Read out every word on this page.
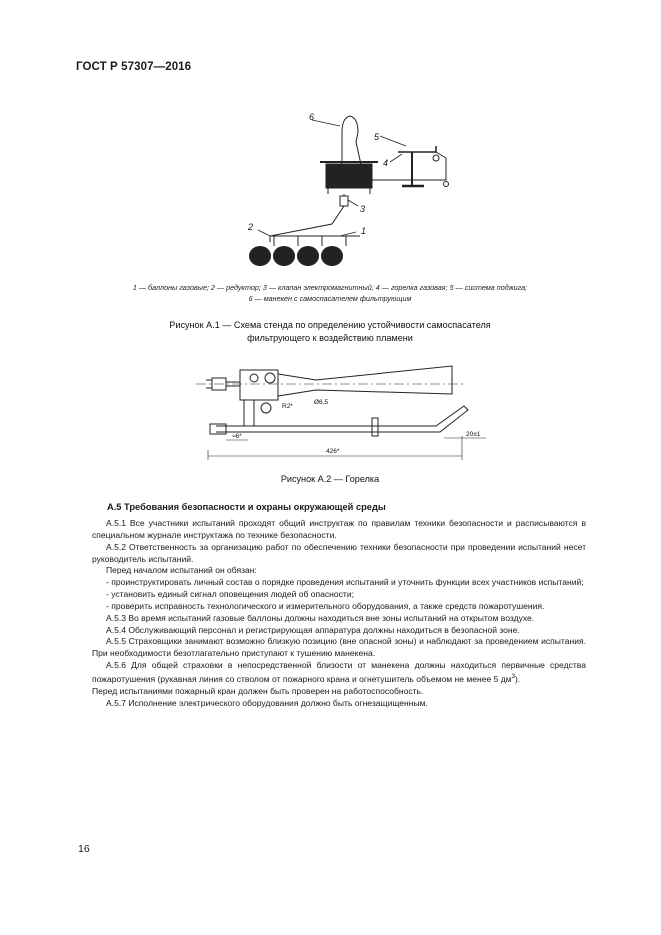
ГОСТ Р 57307—2016
1
2
3
4
5
6
1 — баллоны газовые; 2 — редуктор; 3 — клапан электромагнитный; 4 — горелка газовая; 5 — система поджига;
6 — манекен с самоспасателем фильтрующим
Рисунок А.1 — Схема стенда по определению устойчивости самоспасателя
фильтрующего к воздействию пламени
426*
20±1
Ø6,5
R2*
≈6*
Рисунок А.2 — Горелка
А.5 Требования безопасности и охраны окружающей среды

А.5.1 Все участники испытаний проходят общий инструктаж по правилам техники безопасности и расписываются в специальном журнале инструктажа по технике безопасности.

А.5.2 Ответственность за организацию работ по обеспечению техники безопасности при проведении испытаний несет руководитель испытаний.

Перед началом испытаний он обязан:

- проинструктировать личный состав о порядке проведения испытаний и уточнить функции всех участников испытаний;

- установить единый сигнал оповещения людей об опасности;

- проверить исправность технологического и измерительного оборудования, а также средств пожаротушения.

А.5.3 Во время испытаний газовые баллоны должны находиться вне зоны испытаний на открытом воздухе.

А.5.4 Обслуживающий персонал и регистрирующая аппаратура должны находиться в безопасной зоне.

А.5.5 Страховщики занимают возможно близкую позицию (вне опасной зоны) и наблюдают за проведением испытания. При необходимости безотлагательно приступают к тушению манекена.

А.5.6 Для общей страховки в непосредственной близости от манекена должны находиться первичные средства пожаротушения (рукавная линия со стволом от пожарного крана и огнетушитель объемом не менее 5 $дм^3$).

Перед испытаниями пожарный кран должен быть проверен на работоспособность.

А.5.7 Исполнение электрического оборудования должно быть огнезащищенным.

16
